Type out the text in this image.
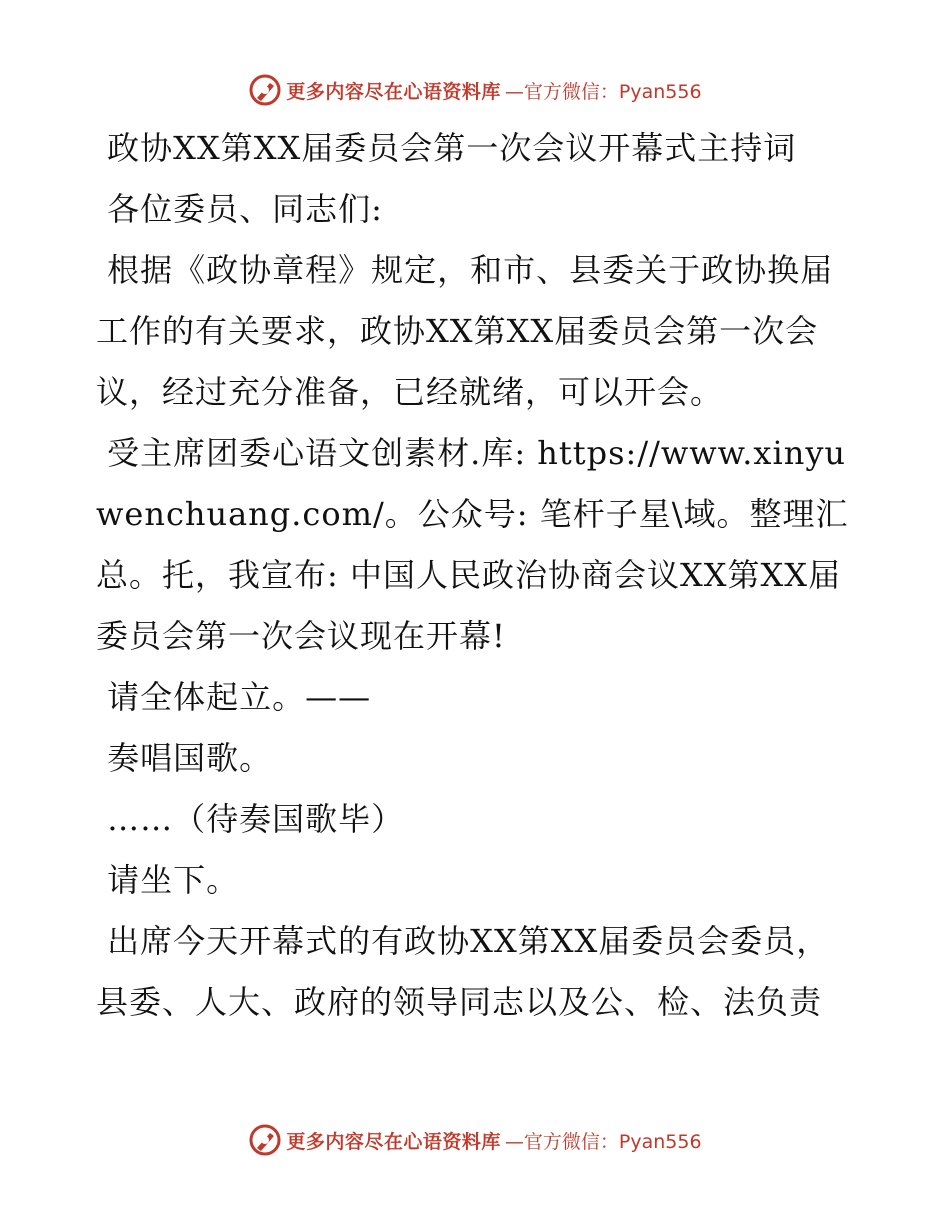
更多内容尽在心语资料库 —官方微信：Pyan556

政协XX第XX届委员会第一次会议开幕式主持词

各位委员、同志们:

根据《政协章程》规定，和市、县委关于政协换届工作的有关要求，政协XX第XX届委员会第一次会议，经过充分准备，已经就绪，可以开会。

受主席团委心语文创素材.库: https://www.xinyuwenchuang.com/。公众号: 笔杆子星\域。整理汇总。托，我宣布: 中国人民政治协商会议XX第XX届委员会第一次会议现在开幕!

请全体起立。——

奏唱国歌。

……（待奏国歌毕）

请坐下。

出席今天开幕式的有政协XX第XX届委员会委员，县委、人大、政府的领导同志以及公、检、法负责

更多内容尽在心语资料库 —官方微信：Pyan556
